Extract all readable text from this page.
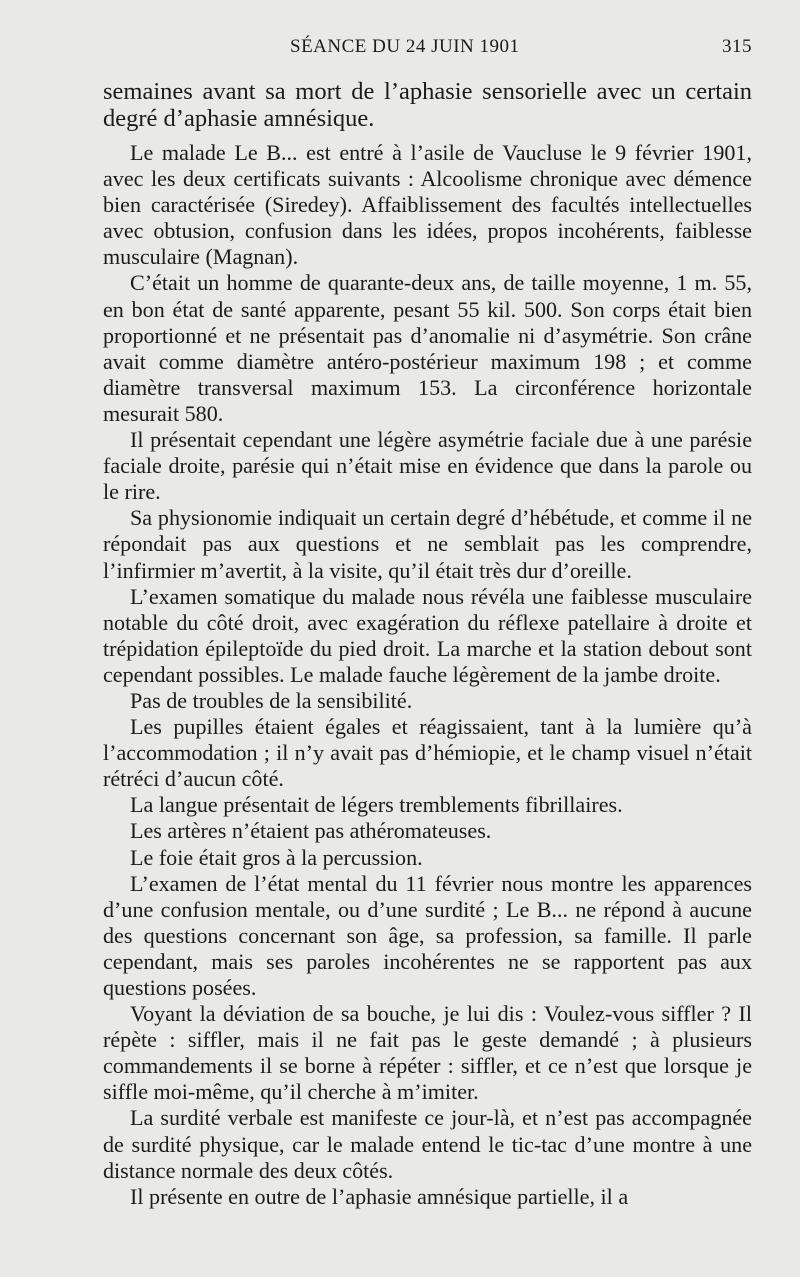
SÉANCE DU 24 JUIN 1901	315

semaines avant sa mort de l’aphasie sensorielle avec un certain degré d’aphasie amnésique.

Le malade Le B... est entré à l’asile de Vaucluse le 9 février 1901, avec les deux certificats suivants : Alcoolisme chronique avec démence bien caractérisée (Siredey). Affaiblissement des facultés intellectuelles avec obtusion, confusion dans les idées, propos incohérents, faiblesse musculaire (Magnan).

C’était un homme de quarante-deux ans, de taille moyenne, 1 m. 55, en bon état de santé apparente, pesant 55 kil. 500. Son corps était bien proportionné et ne présentait pas d’anomalie ni d’asymétrie. Son crâne avait comme diamètre antéro-postérieur maximum 198 ; et comme diamètre transversal maximum 153. La circonférence horizontale mesurait 580.

Il présentait cependant une légère asymétrie faciale due à une parésie faciale droite, parésie qui n’était mise en évidence que dans la parole ou le rire.

Sa physionomie indiquait un certain degré d’hébétude, et comme il ne répondait pas aux questions et ne semblait pas les comprendre, l’infirmier m’avertit, à la visite, qu’il était très dur d’oreille.

L’examen somatique du malade nous révéla une faiblesse musculaire notable du côté droit, avec exagération du réflexe patellaire à droite et trépidation épileptoïde du pied droit. La marche et la station debout sont cependant possibles. Le malade fauche légèrement de la jambe droite.

Pas de troubles de la sensibilité.

Les pupilles étaient égales et réagissaient, tant à la lumière qu’à l’accommodation ; il n’y avait pas d’hémiopie, et le champ visuel n’était rétréci d’aucun côté.

La langue présentait de légers tremblements fibrillaires.

Les artères n’étaient pas athéromateuses.

Le foie était gros à la percussion.

L’examen de l’état mental du 11 février nous montre les apparences d’une confusion mentale, ou d’une surdité ; Le B... ne répond à aucune des questions concernant son âge, sa profession, sa famille. Il parle cependant, mais ses paroles incohérentes ne se rapportent pas aux questions posées.

Voyant la déviation de sa bouche, je lui dis : Voulez-vous siffler ? Il répète : siffler, mais il ne fait pas le geste demandé ; à plusieurs commandements il se borne à répéter : siffler, et ce n’est que lorsque je siffle moi-même, qu’il cherche à m’imiter.

La surdité verbale est manifeste ce jour-là, et n’est pas accompagnée de surdité physique, car le malade entend le tic-tac d’une montre à une distance normale des deux côtés.

Il présente en outre de l’aphasie amnésique partielle, il a
